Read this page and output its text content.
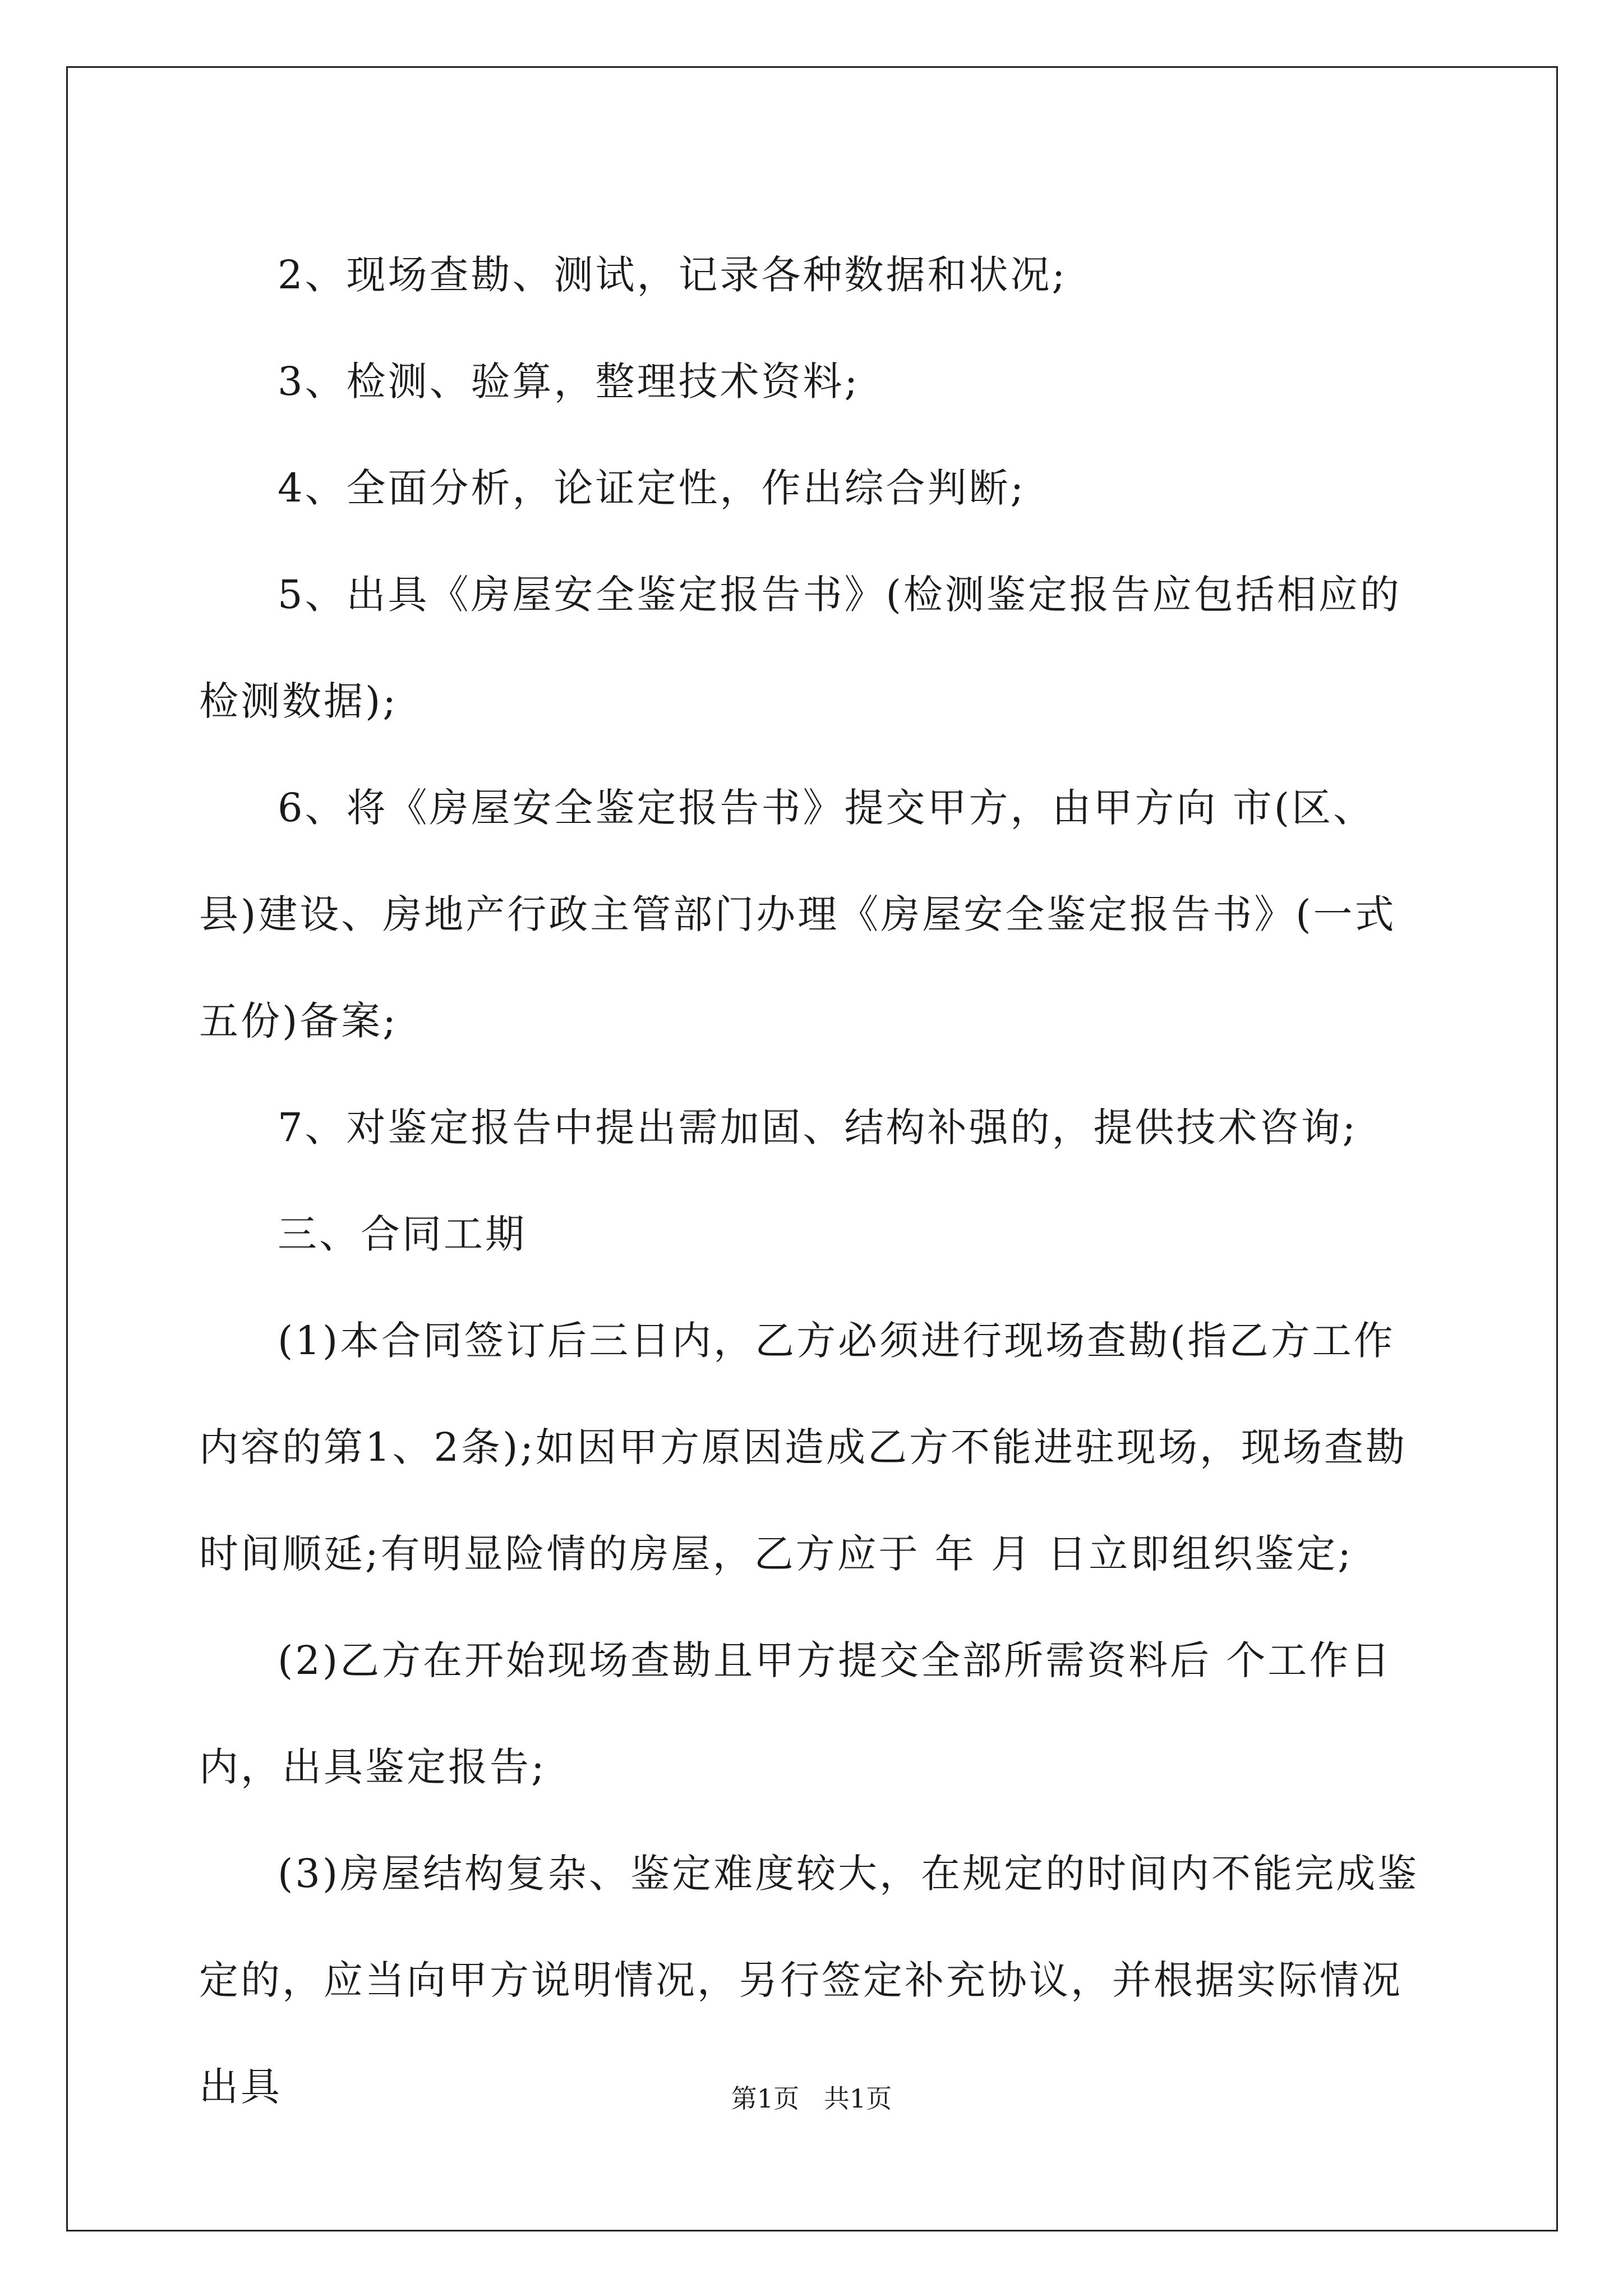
2、现场查勘、测试，记录各种数据和状况;

3、检测、验算，整理技术资料;

4、全面分析，论证定性，作出综合判断;

5、出具《房屋安全鉴定报告书》(检测鉴定报告应包括相应的检测数据);

6、将《房屋安全鉴定报告书》提交甲方，由甲方向 市(区、县)建设、房地产行政主管部门办理《房屋安全鉴定报告书》(一式五份)备案;

7、对鉴定报告中提出需加固、结构补强的，提供技术咨询;

三、合同工期

(1)本合同签订后三日内，乙方必须进行现场查勘(指乙方工作内容的第1、2条);如因甲方原因造成乙方不能进驻现场，现场查勘时间顺延;有明显险情的房屋，乙方应于 年 月 日立即组织鉴定;

(2)乙方在开始现场查勘且甲方提交全部所需资料后 个工作日内，出具鉴定报告;

(3)房屋结构复杂、鉴定难度较大，在规定的时间内不能完成鉴定的，应当向甲方说明情况，另行签定补充协议，并根据实际情况出具	第1页   共1页
